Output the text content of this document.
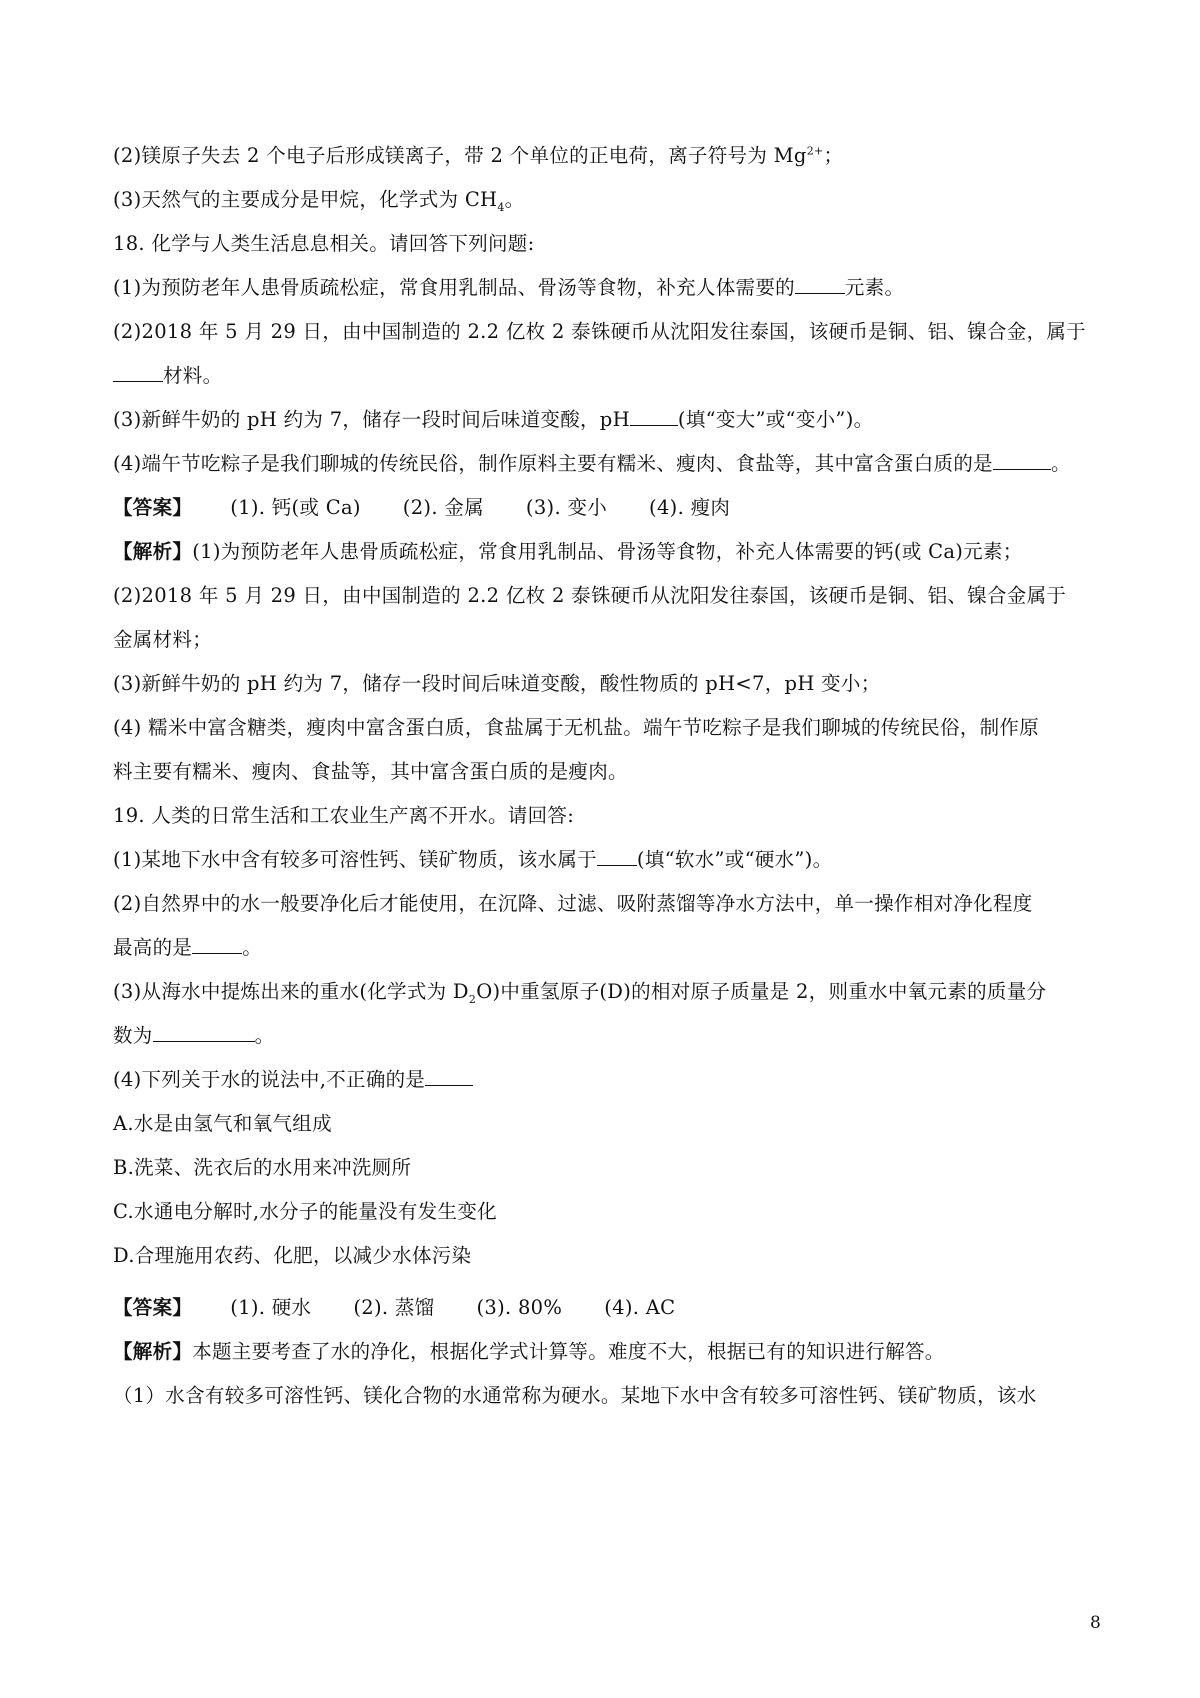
(2)镁原子失去 2 个电子后形成镁离子，带 2 个单位的正电荷，离子符号为 $Mg^{2+}$；
(3)天然气的主要成分是甲烷，化学式为 $CH_4$。
18. 化学与人类生活息息相关。请回答下列问题:
(1)为预防老年人患骨质疏松症，常食用乳制品、骨汤等食物，补充人体需要的	元素。
(2)2018 年 5 月 29 日，由中国制造的 2.2 亿枚 2 泰铢硬币从沈阳发往泰国，该硬币是铜、铝、镍合金，属于
材料。
(3)新鲜牛奶的 pH 约为 7，储存一段时间后味道变酸，pH (填“变大”或“变小”)。
(4)端午节吃粽子是我们聊城的传统民俗，制作原料主要有糯米、瘦肉、食盐等，其中富含蛋白质的是	。
【答案】 (1). 钙(或 Ca) (2). 金属 (3). 变小 (4). 瘦肉
【解析】(1)为预防老年人患骨质疏松症，常食用乳制品、骨汤等食物，补充人体需要的钙(或 Ca)元素；
(2)2018 年 5 月 29 日，由中国制造的 2.2 亿枚 2 泰铢硬币从沈阳发往泰国，该硬币是铜、铝、镍合金属于
金属材料；
(3)新鲜牛奶的 pH 约为 7，储存一段时间后味道变酸，酸性物质的 pH<7，pH 变小；
(4) 糯米中富含糖类，瘦肉中富含蛋白质，食盐属于无机盐。端午节吃粽子是我们聊城的传统民俗，制作原
料主要有糯米、瘦肉、食盐等，其中富含蛋白质的是瘦肉。
19. 人类的日常生活和工农业生产离不开水。请回答:
(1)某地下水中含有较多可溶性钙、镁矿物质，该水属于 (填“软水”或“硬水”)。
(2)自然界中的水一般要净化后才能使用，在沉降、过滤、吸附蒸馏等净水方法中，单一操作相对净化程度
最高的是	。
(3)从海水中提炼出来的重水(化学式为 $D_2O$)中重氢原子(D)的相对原子质量是 2，则重水中氧元素的质量分
数为	。
(4)下列关于水的说法中,不正确的是
A.水是由氢气和氧气组成
B.洗菜、洗衣后的水用来冲洗厕所
C.水通电分解时,水分子的能量没有发生变化
D.合理施用农药、化肥，以减少水体污染
【答案】 (1). 硬水 (2). 蒸馏 (3). 80% (4). AC
【解析】本题主要考查了水的净化，根据化学式计算等。难度不大，根据已有的知识进行解答。
（1）水含有较多可溶性钙、镁化合物的水通常称为硬水。某地下水中含有较多可溶性钙、镁矿物质，该水
8
